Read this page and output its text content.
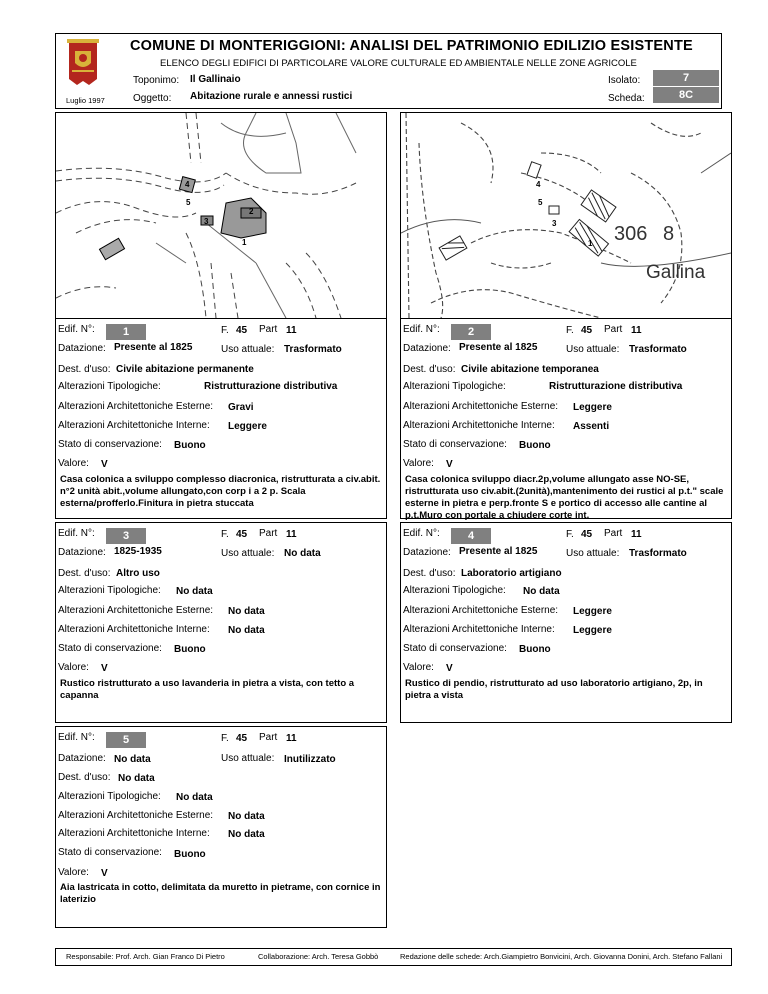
Luglio 1997
COMUNE DI MONTERIGGIONI: ANALISI DEL PATRIMONIO EDILIZIO ESISTENTE
ELENCO DEGLI EDIFICI DI PARTICOLARE VALORE CULTURALE ED AMBIENTALE NELLE ZONE AGRICOLE
Toponimo: Il Gallinaio
Oggetto: Abitazione rurale e annessi rustici
Isolato:	7
Scheda:	8C
4
5
2
3
1
4
5
3
1 306 8
Gallina
Edif. N°:	1	F. 45 Part 11
Datazione: Presente al 1825	Uso attuale: Trasformato
Dest. d'uso: Civile abitazione permanente
Alterazioni Tipologiche:	Ristrutturazione distributiva
Alterazioni Architettoniche Esterne: Gravi
Alterazioni Architettoniche Interne: Leggere
Stato di conservazione: Buono
Valore: V
Casa colonica a sviluppo complesso diacronica, ristrutturata a civ.abit. n°2 unità abit.,volume allungato,con corp i a 2 p. Scala esterna/profferlo.Finitura in pietra stuccata
Edif. N°:	2	F. 45 Part 11
Datazione: Presente al 1825	Uso attuale: Trasformato
Dest. d'uso: Civile abitazione temporanea
Alterazioni Tipologiche:	Ristrutturazione distributiva
Alterazioni Architettoniche Esterne: Leggere
Alterazioni Architettoniche Interne: Assenti
Stato di conservazione: Buono
Valore: V
Casa colonica sviluppo diacr.2p,volume allungato asse NO-SE, ristrutturata uso civ.abit.(2unità),mantenimento dei rustici al p.t." scale esterne in pietra e perp.fronte S e portico di accesso alle cantine al p.t.Muro con portale a chiudere corte int.
Edif. N°:	3	F. 45 Part 11
Datazione: 1825-1935	Uso attuale: No data
Dest. d'uso: Altro uso
Alterazioni Tipologiche: No data
Alterazioni Architettoniche Esterne: No data
Alterazioni Architettoniche Interne: No data
Stato di conservazione: Buono
Valore: V
Rustico ristrutturato a uso lavanderia in pietra a vista, con tetto a capanna
Edif. N°:	4	F. 45 Part 11
Datazione: Presente al 1825	Uso attuale: Trasformato
Dest. d'uso: Laboratorio artigiano
Alterazioni Tipologiche: No data
Alterazioni Architettoniche Esterne: Leggere
Alterazioni Architettoniche Interne: Leggere
Stato di conservazione: Buono
Valore: V
Rustico di pendio, ristrutturato ad uso laboratorio artigiano, 2p, in pietra a vista
Edif. N°:	5	F. 45 Part 11
Datazione: No data	Uso attuale: Inutilizzato
Dest. d'uso: No data
Alterazioni Tipologiche: No data
Alterazioni Architettoniche Esterne: No data
Alterazioni Architettoniche Interne: No data
Stato di conservazione: Buono
Valore: V
Aia lastricata in cotto, delimitata da muretto in pietrame, con cornice in laterizio
Responsabile: Prof. Arch. Gian Franco Di Pietro	Collaborazione: Arch. Teresa Gobbò	Redazione delle schede: Arch.Giampietro Bonvicini, Arch. Giovanna Donini, Arch. Stefano Fallani
